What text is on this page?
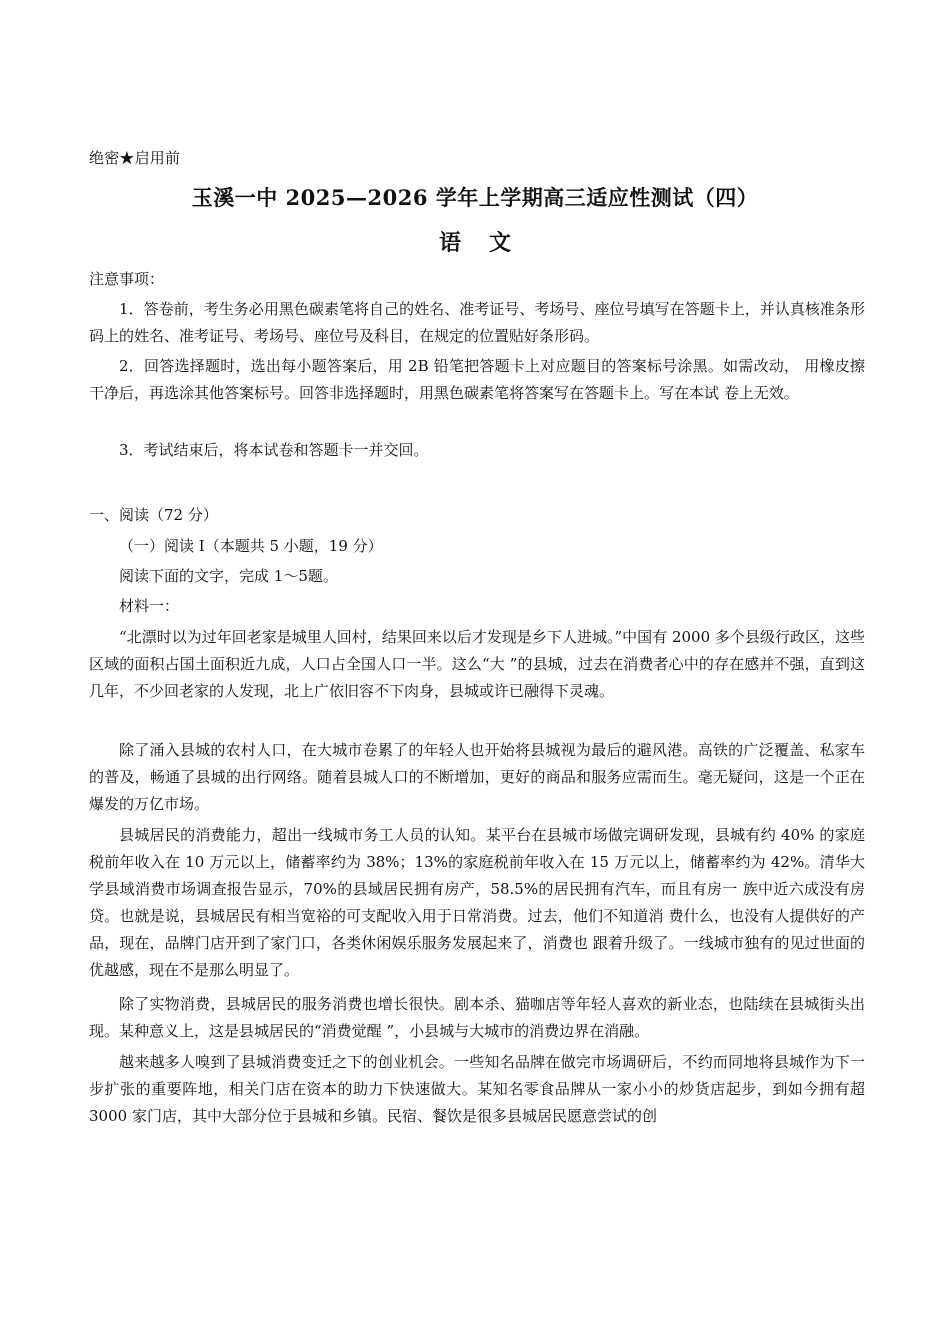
绝密★启用前
玉溪一中 2025—2026 学年上学期高三适应性测试（四）
语文
注意事项：

1．答卷前，考生务必用黑色碳素笔将自己的姓名、准考证号、考场号、座位号填写在答题卡上，并认真核准条形码上的姓名、准考证号、考场号、座位号及科目，在规定的位置贴好条形码。

2．回答选择题时，选出每小题答案后，用 2B 铅笔把答题卡上对应题目的答案标号涂黑。如需改动， 用橡皮擦干净后，再选涂其他答案标号。回答非选择题时，用黑色碳素笔将答案写在答题卡上。写在本试 卷上无效。

3．考试结束后，将本试卷和答题卡一并交回。

一、阅读（72 分）
（一）阅读 I（本题共 5 小题，19 分）
阅读下面的文字，完成 1～5题。
材料一：

“北漂时以为过年回老家是城里人回村，结果回来以后才发现是乡下人进城。”中国有 2000 多个县级行政区，这些区域的面积占国土面积近九成，人口占全国人口一半。这么“大 ”的县城，过去在消费者心中的存在感并不强，直到这几年，不少回老家的人发现，北上广依旧容不下肉身，县城或许已融得下灵魂。

除了涌入县城的农村人口，在大城市卷累了的年轻人也开始将县城视为最后的避风港。高铁的广泛覆盖、私家车的普及，畅通了县城的出行网络。随着县城人口的不断增加，更好的商品和服务应需而生。毫无疑问，这是一个正在爆发的万亿市场。

县城居民的消费能力，超出一线城市务工人员的认知。某平台在县城市场做完调研发现，县城有约 40% 的家庭税前年收入在 10 万元以上，储蓄率约为 38%；13%的家庭税前年收入在 15 万元以上，储蓄率约为 42%。清华大学县域消费市场调查报告显示，70%的县域居民拥有房产，58.5%的居民拥有汽车，而且有房一 族中近六成没有房贷。也就是说，县城居民有相当宽裕的可支配收入用于日常消费。过去，他们不知道消 费什么，也没有人提供好的产品，现在，品牌门店开到了家门口，各类休闲娱乐服务发展起来了，消费也 跟着升级了。一线城市独有的见过世面的优越感，现在不是那么明显了。

除了实物消费，县城居民的服务消费也增长很快。剧本杀、猫咖店等年轻人喜欢的新业态，也陆续在县城街头出现。某种意义上，这是县城居民的“消费觉醒 ”，小县城与大城市的消费边界在消融。

越来越多人嗅到了县城消费变迁之下的创业机会。一些知名品牌在做完市场调研后，不约而同地将县城作为下一步扩张的重要阵地，相关门店在资本的助力下快速做大。某知名零食品牌从一家小小的炒货店起步，到如今拥有超 3000 家门店，其中大部分位于县城和乡镇。民宿、餐饮是很多县城居民愿意尝试的创
